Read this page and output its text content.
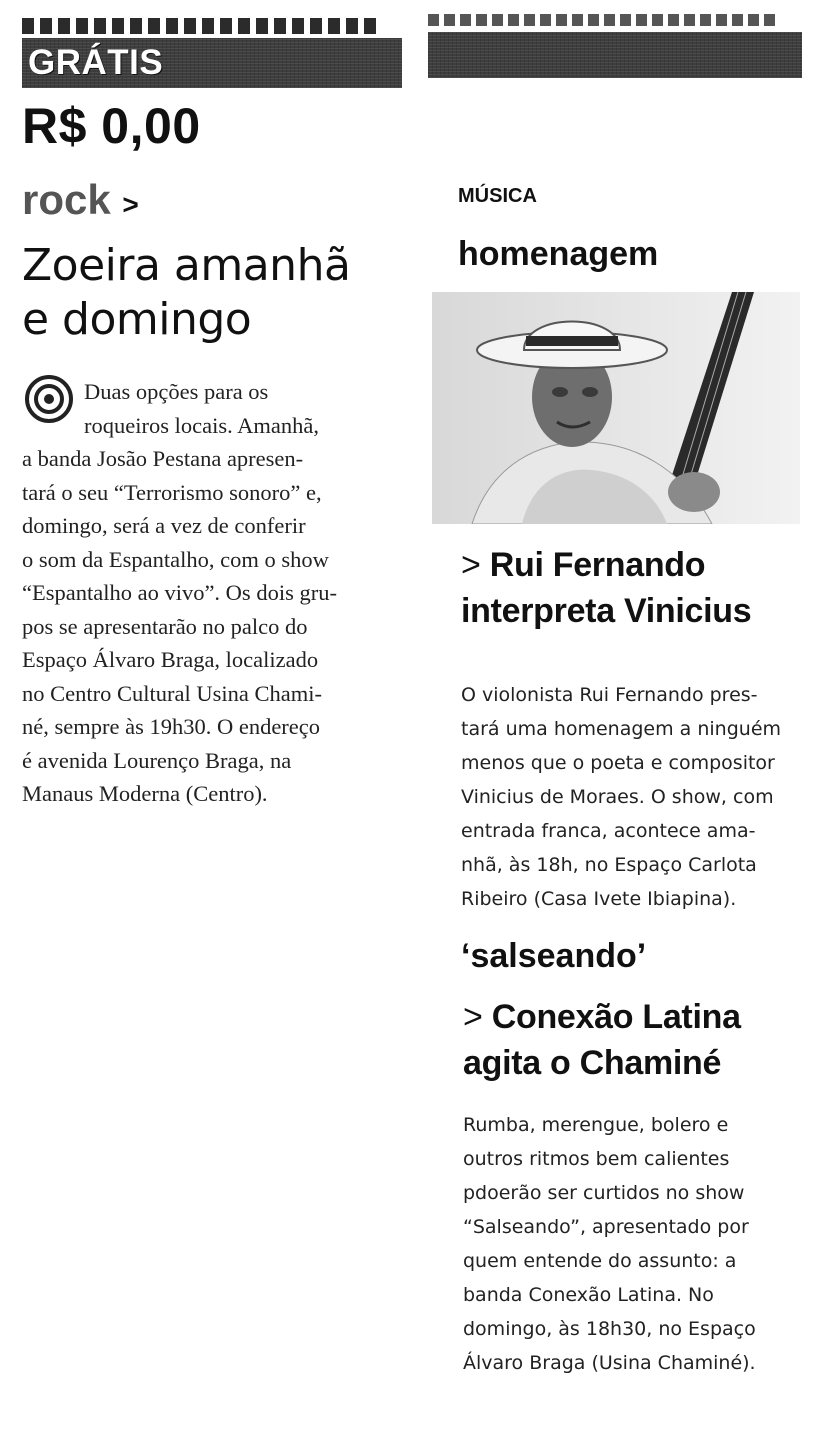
GRÁTIS
R$ 0,00
rock >
Zoeira amanhã
e domingo
Duas opções para os
roqueiros locais. Amanhã,
a banda Josão Pestana apresen-
tará o seu “Terrorismo sonoro” e,
domingo, será a vez de conferir
o som da Espantalho, com o show
“Espantalho ao vivo”. Os dois gru-
pos se apresentarão no palco do
Espaço Álvaro Braga, localizado
no Centro Cultural Usina Chami-
né, sempre às 19h30. O endereço
é avenida Lourenço Braga, na
Manaus Moderna (Centro).
MÚSICA
homenagem
> Rui Fernando
interpreta Vinicius
O violonista Rui Fernando pres-
tará uma homenagem a ninguém
menos que o poeta e compositor
Vinicius de Moraes. O show, com
entrada franca, acontece ama-
nhã, às 18h, no Espaço Carlota
Ribeiro (Casa Ivete Ibiapina).
‘salseando’
> Conexão Latina
agita o Chaminé
Rumba, merengue, bolero e
outros ritmos bem calientes
pdoerão ser curtidos no show
“Salseando”, apresentado por
quem entende do assunto: a
banda Conexão Latina. No
domingo, às 18h30, no Espaço
Álvaro Braga (Usina Chaminé).
